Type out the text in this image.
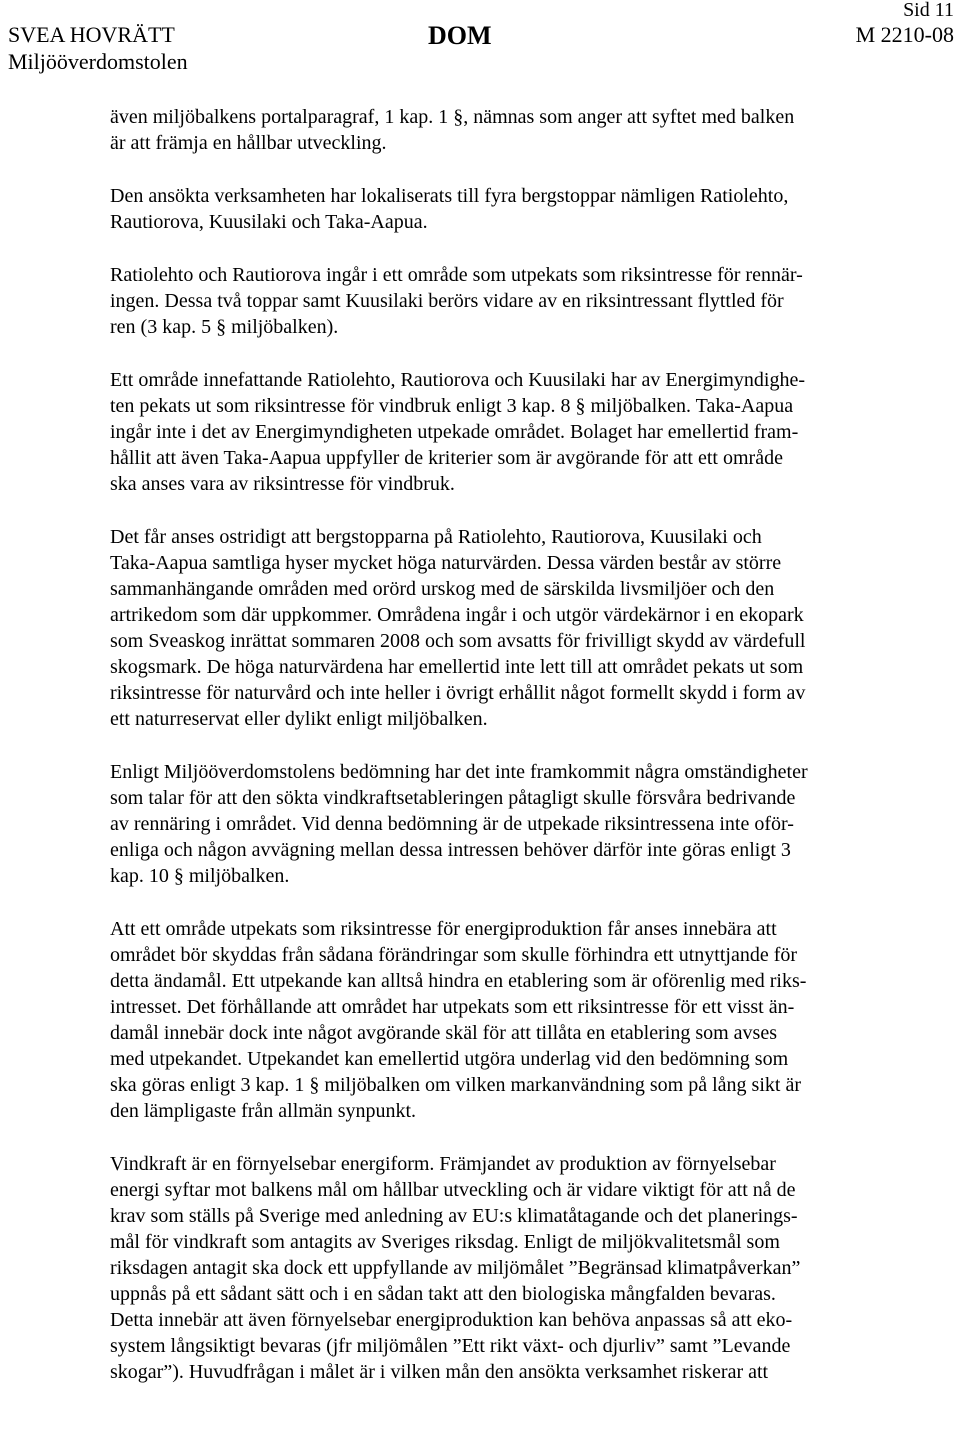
Sid 11
SVEA HOVRÄTT
Miljööverdomstolen
DOM	M 2210-08

även miljöbalkens portalparagraf, 1 kap. 1 §, nämnas som anger att syftet med balken
är att främja en hållbar utveckling.

Den ansökta verksamheten har lokaliserats till fyra bergstoppar nämligen Ratiolehto,
Rautiorova, Kuusilaki och Taka-Aapua.

Ratiolehto och Rautiorova ingår i ett område som utpekats som riksintresse för rennär-
ingen. Dessa två toppar samt Kuusilaki berörs vidare av en riksintressant flyttled för
ren (3 kap. 5 § miljöbalken).

Ett område innefattande Ratiolehto, Rautiorova och Kuusilaki har av Energimyndighe-
ten pekats ut som riksintresse för vindbruk enligt 3 kap. 8 § miljöbalken. Taka-Aapua
ingår inte i det av Energimyndigheten utpekade området. Bolaget har emellertid fram-
hållit att även Taka-Aapua uppfyller de kriterier som är avgörande för att ett område
ska anses vara av riksintresse för vindbruk.

Det får anses ostridigt att bergstopparna på Ratiolehto, Rautiorova, Kuusilaki och
Taka-Aapua samtliga hyser mycket höga naturvärden. Dessa värden består av större
sammanhängande områden med orörd urskog med de särskilda livsmiljöer och den
artrikedom som där uppkommer. Områdena ingår i och utgör värdekärnor i en ekopark
som Sveaskog inrättat sommaren 2008 och som avsatts för frivilligt skydd av värdefull
skogsmark. De höga naturvärdena har emellertid inte lett till att området pekats ut som
riksintresse för naturvård och inte heller i övrigt erhållit något formellt skydd i form av
ett naturreservat eller dylikt enligt miljöbalken.

Enligt Miljööverdomstolens bedömning har det inte framkommit några omständigheter
som talar för att den sökta vindkraftsetableringen påtagligt skulle försvåra bedrivande
av rennäring i området. Vid denna bedömning är de utpekade riksintressena inte oför-
enliga och någon avvägning mellan dessa intressen behöver därför inte göras enligt 3
kap. 10 § miljöbalken.

Att ett område utpekats som riksintresse för energiproduktion får anses innebära att
området bör skyddas från sådana förändringar som skulle förhindra ett utnyttjande för
detta ändamål. Ett utpekande kan alltså hindra en etablering som är oförenlig med riks-
intresset. Det förhållande att området har utpekats som ett riksintresse för ett visst än-
damål innebär dock inte något avgörande skäl för att tillåta en etablering som avses
med utpekandet. Utpekandet kan emellertid utgöra underlag vid den bedömning som
ska göras enligt 3 kap. 1 § miljöbalken om vilken markanvändning som på lång sikt är
den lämpligaste från allmän synpunkt.

Vindkraft är en förnyelsebar energiform. Främjandet av produktion av förnyelsebar
energi syftar mot balkens mål om hållbar utveckling och är vidare viktigt för att nå de
krav som ställs på Sverige med anledning av EU:s klimatåtagande och det planerings-
mål för vindkraft som antagits av Sveriges riksdag. Enligt de miljökvalitetsmål som
riksdagen antagit ska dock ett uppfyllande av miljömålet ”Begränsad klimatpåverkan”
uppnås på ett sådant sätt och i en sådan takt att den biologiska mångfalden bevaras.
Detta innebär att även förnyelsebar energiproduktion kan behöva anpassas så att eko-
system långsiktigt bevaras (jfr miljömålen ”Ett rikt växt- och djurliv” samt ”Levande
skogar”). Huvudfrågan i målet är i vilken mån den ansökta verksamhet riskerar att
